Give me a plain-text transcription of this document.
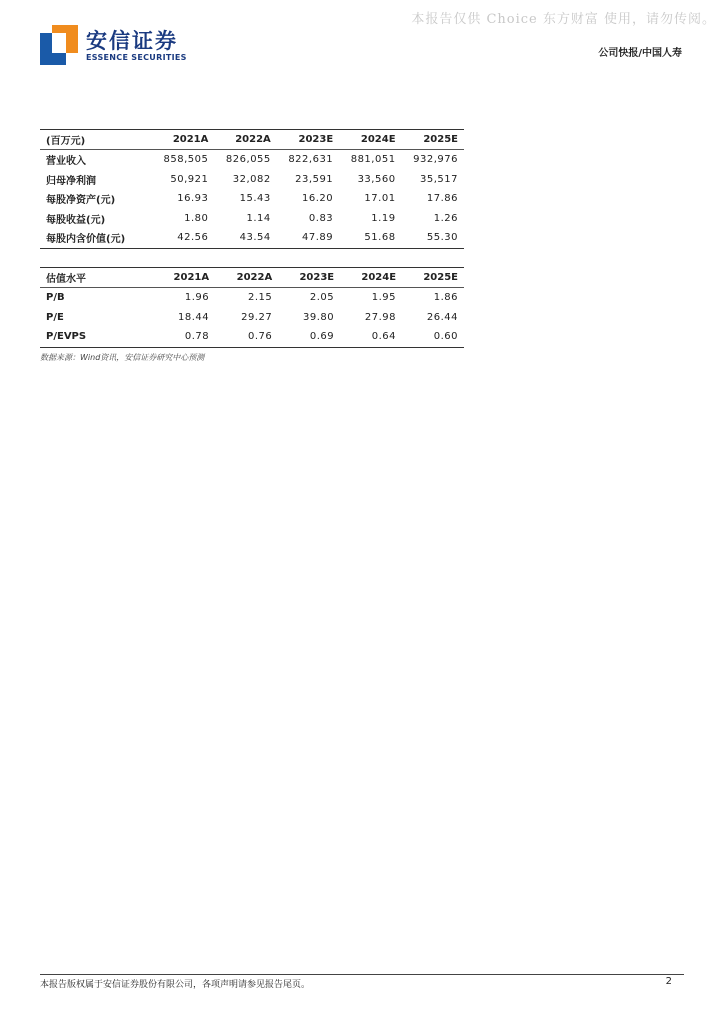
本报告仅供 Choice 东方财富 使用，请勿传阅。
安信证券
ESSENCE SECURITIES	公司快报/中国人寿
(百万元)	2021A	2022A	2023E	2024E	2025E
营业收入	858,505	826,055	822,631	881,051	932,976
归母净利润	50,921	32,082	23,591	33,560	35,517
每股净资产(元)	16.93	15.43	16.20	17.01	17.86
每股收益(元)	1.80	1.14	0.83	1.19	1.26
每股内含价值(元)	42.56	43.54	47.89	51.68	55.30
估值水平	2021A	2022A	2023E	2024E	2025E
P/B	1.96	2.15	2.05	1.95	1.86
P/E	18.44	29.27	39.80	27.98	26.44
P/EVPS	0.78	0.76	0.69	0.64	0.60
数据来源：Wind资讯，安信证券研究中心预测
本报告版权属于安信证券股份有限公司，各项声明请参见报告尾页。	2
